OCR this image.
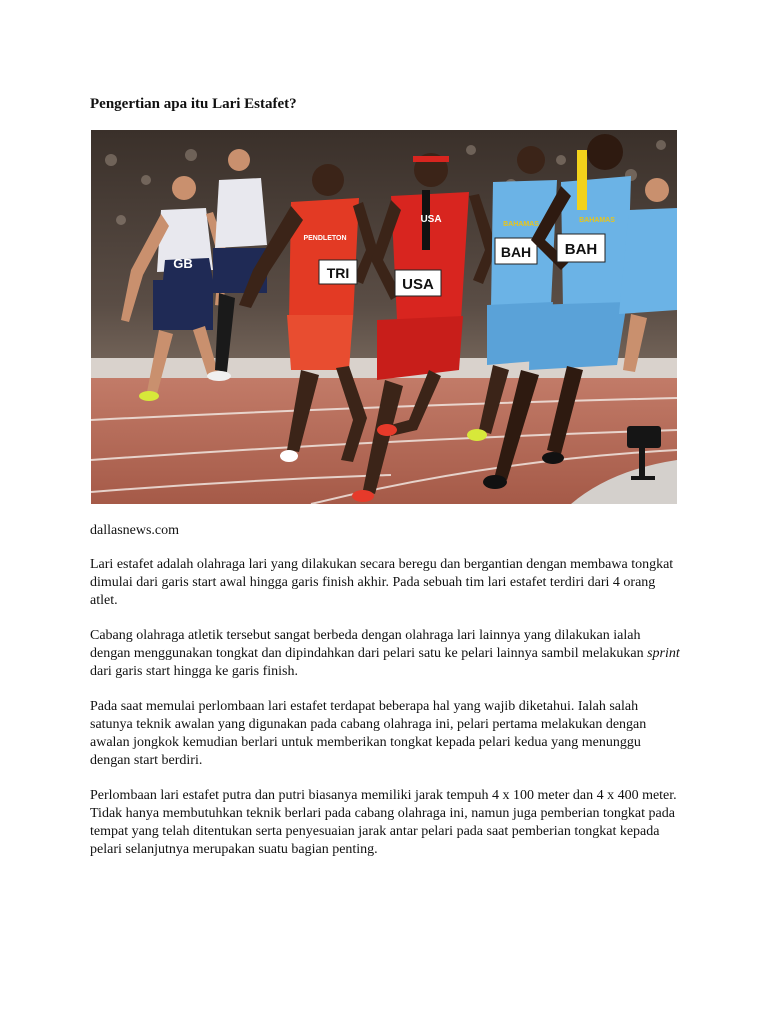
Pengertian apa itu Lari Estafet?
GB
TRI
USA
BAH BAH
PENDLETON
USA	BAHAMAS
BAHAMAS

dallasnews.com

Lari estafet adalah olahraga lari yang dilakukan secara beregu dan bergantian dengan membawa tongkat dimulai dari garis start awal hingga garis finish akhir. Pada sebuah tim lari estafet terdiri dari 4 orang atlet.

Cabang olahraga atletik tersebut sangat berbeda dengan olahraga lari lainnya yang dilakukan ialah dengan menggunakan tongkat dan dipindahkan dari pelari satu ke pelari lainnya sambil melakukan sprint dari garis start hingga ke garis finish.

Pada saat memulai perlombaan lari estafet terdapat beberapa hal yang wajib diketahui. Ialah salah satunya teknik awalan yang digunakan pada cabang olahraga ini, pelari pertama melakukan dengan awalan jongkok kemudian berlari untuk memberikan tongkat kepada pelari kedua yang menunggu dengan start berdiri.

Perlombaan lari estafet putra dan putri biasanya memiliki jarak tempuh 4 x 100 meter dan 4 x 400 meter. Tidak hanya membutuhkan teknik berlari pada cabang olahraga ini, namun juga pemberian tongkat pada tempat yang telah ditentukan serta penyesuaian jarak antar pelari pada saat pemberian tongkat kepada pelari selanjutnya merupakan suatu bagian penting.
